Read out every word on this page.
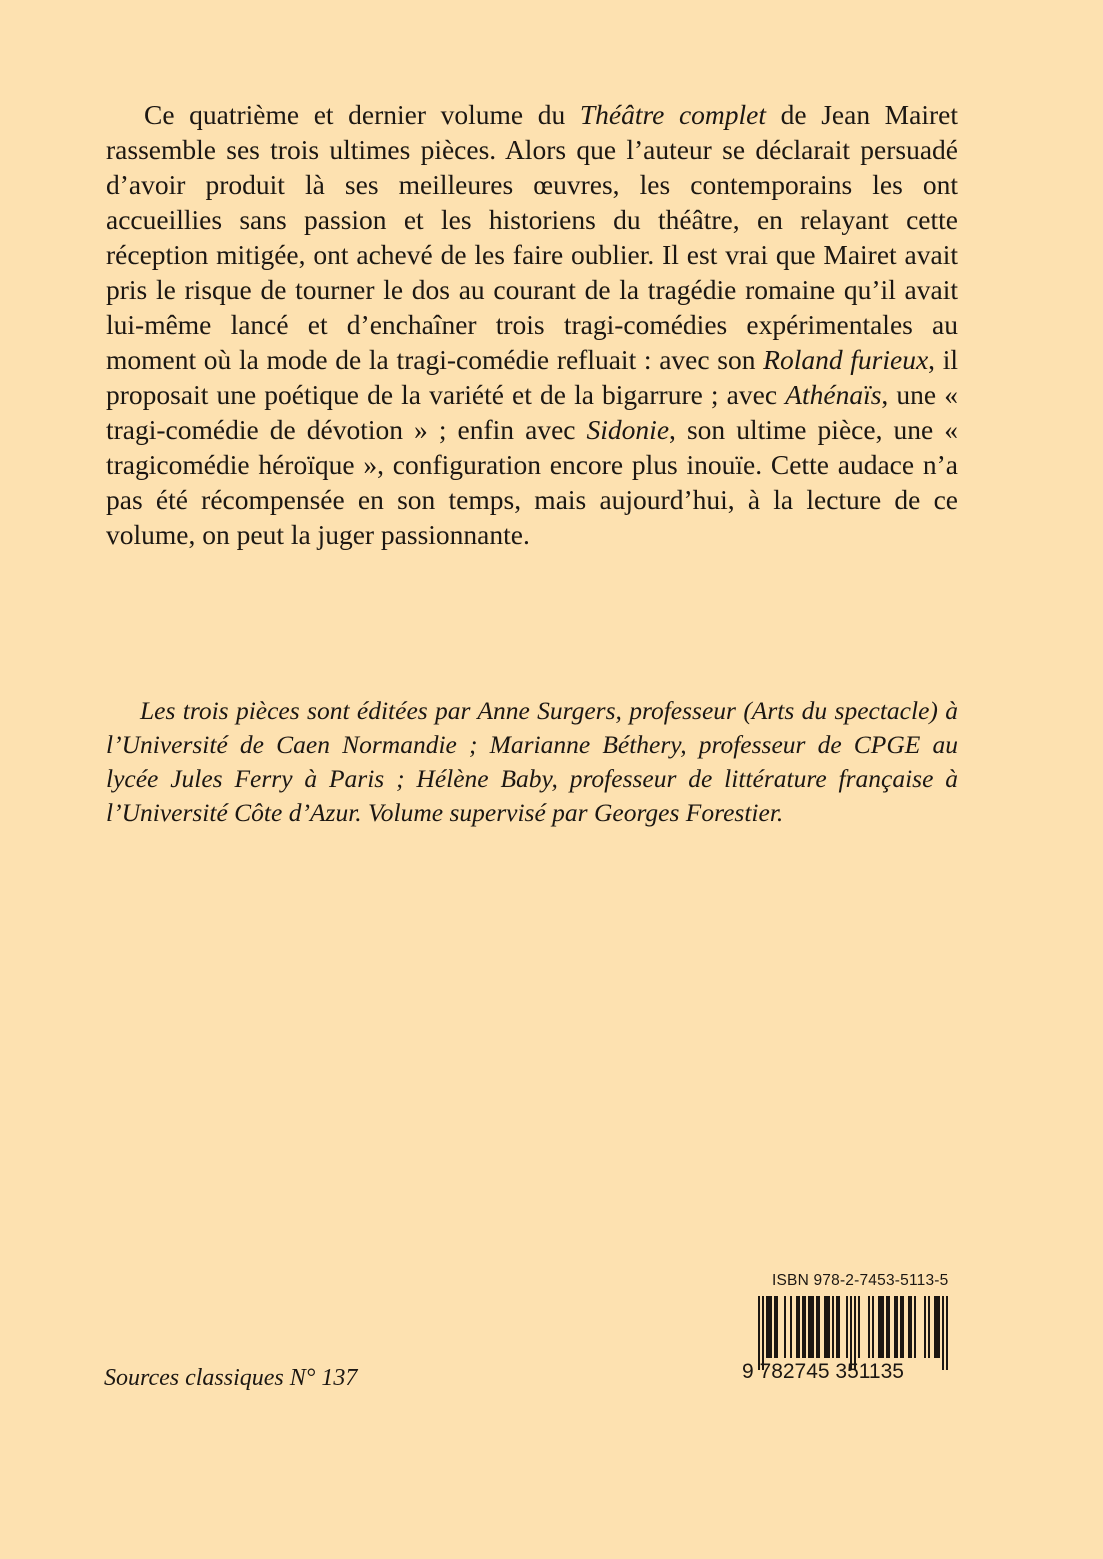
Ce quatrième et dernier volume du Théâtre complet de Jean Mairet rassemble ses trois ultimes pièces. Alors que l’auteur se déclarait persuadé d’avoir produit là ses meilleures œuvres, les contemporains les ont accueillies sans passion et les historiens du théâtre, en relayant cette réception mitigée, ont achevé de les faire oublier. Il est vrai que Mairet avait pris le risque de tourner le dos au courant de la tragédie romaine qu’il avait lui-même lancé et d’enchaîner trois tragi-comédies expérimentales au moment où la mode de la tragi-comédie refluait : avec son Roland furieux, il proposait une poétique de la variété et de la bigarrure ; avec Athénaïs, une « tragi-comédie de dévotion » ; enfin avec Sidonie, son ultime pièce, une « tragicomédie héroïque », configuration encore plus inouïe. Cette audace n’a pas été récompensée en son temps, mais aujourd’hui, à la lecture de ce volume, on peut la juger passionnante.

Les trois pièces sont éditées par Anne Surgers, professeur (Arts du spectacle) à l’Université de Caen Normandie ; Marianne Béthery, professeur de CPGE au lycée Jules Ferry à Paris ; Hélène Baby, professeur de littérature française à l’Université Côte d’Azur. Volume supervisé par Georges Forestier.

Sources classiques N° 137

ISBN 978-2-7453-5113-5
9 782745 351135
